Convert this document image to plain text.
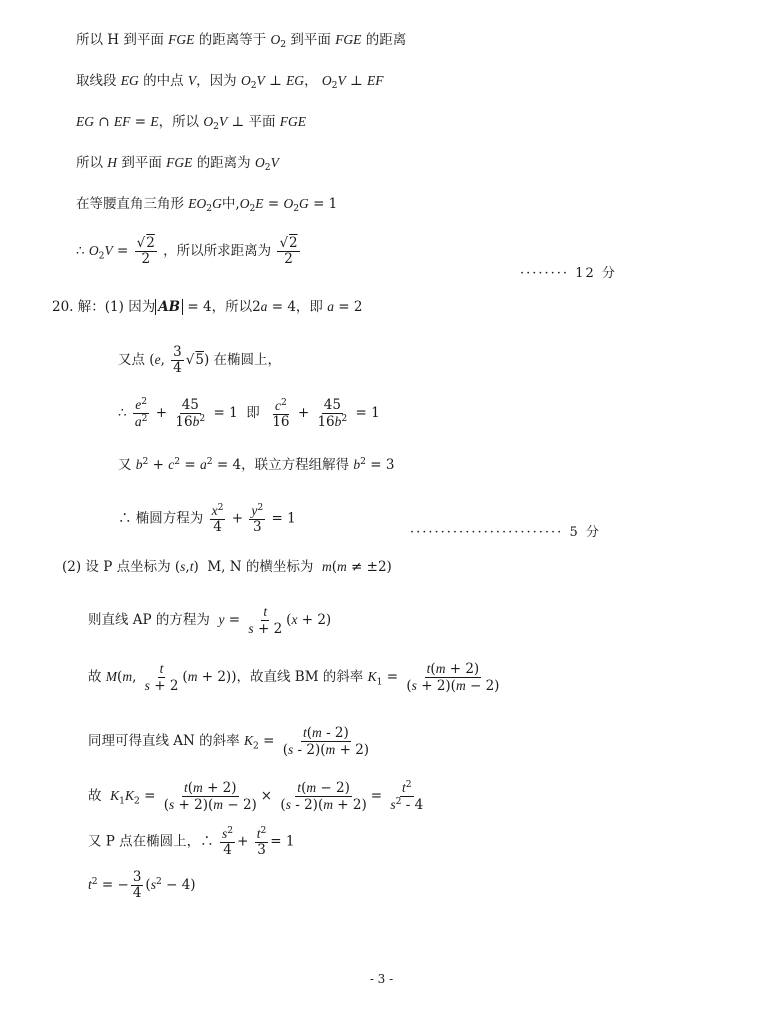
所以 H 到平面 FGE 的距离等于 $O_2$ 到平面 FGE 的距离
取线段 EG 的中点 V，因为 $O_2V$ ⊥ EG， $O_2V$ ⊥ EF
EG ∩ EF = E，所以 $O_2V$ ⊥ 平面 FGE
所以 H 到平面 FGE 的距离为 $O_2V$
在等腰直角三角形 $EO_2G$中$,O_2E = O_2G = 1$
∴ $O_2V = \frac{√2}{2}$ ，所以所求距离为 $\frac{√2}{2}$
········ 12 分
20. 解：(1) 因为 AB = 4，所以2a = 4，即 a = 2
又点 (e, $\frac{3}{4} √5$) 在椭圆上，
∴ $\frac{e^2}{a^2} + \frac{45}{16b^2} = 1$  即 $\frac{c^2}{16} + \frac{45}{16b^2} = 1$
又 $b^2 + c^2 = a^2 = 4$，联立方程组解得 $b^2 = 3$
∴ 椭圆方程为 $\frac{x^2}{4} + \frac{y^2}{3} = 1$
························· 5 分
(2) 设 P 点坐标为 (s,t)  M, N 的横坐标为 m(m ≠ ±2)
则直线 AP 的方程为 $y = \frac{t}{s + 2} (x + 2)$
故 M(m, $\frac{t}{s + 2} (m + 2)$)，故直线 BM 的斜率 $K_1 = \frac{t(m + 2)}{(s + 2)(m - 2)}$
同理可得直线 AN 的斜率 $K_2 = \frac{t(m - 2)}{(s - 2)(m + 2)}$
故 $K_1K_2 = \frac{t(m + 2)}{(s + 2)(m - 2)} \times \frac{t(m - 2)}{(s - 2)(m + 2)} = \frac{t^2}{s^2 - 4}$
又 P 点在椭圆上，∴ $\frac{s^2}{4} + \frac{t^2}{3} = 1$
$t^2$ = − $\frac{3}{4} (s^2 - 4)$
- 3 -
